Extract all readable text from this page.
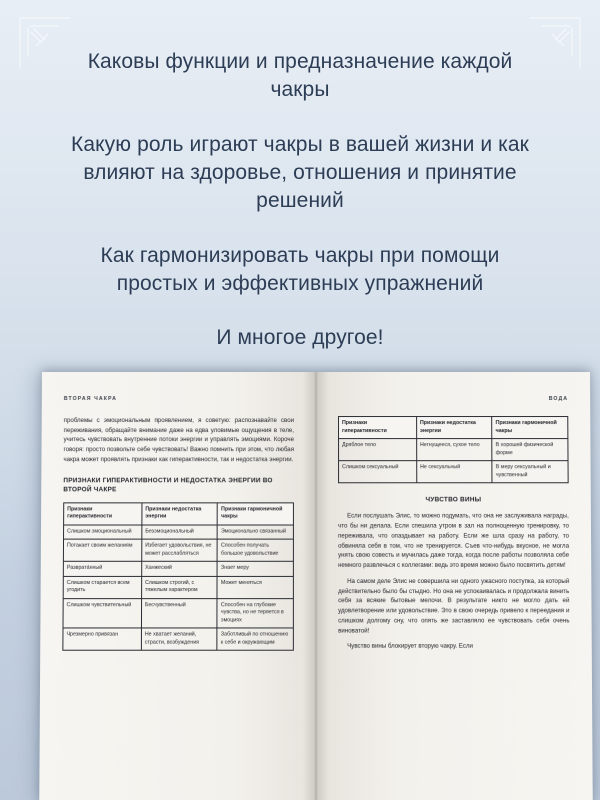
Каковы функции и предназначение каждой чакры
Какую роль играют чакры в вашей жизни и как влияют на здоровье, отношения и принятие решений
Как гармонизировать чакры при помощи простых и эффективных упражнений
И многое другое!
ВТОРАЯ ЧАКРА

проблемы с эмоциональным проявлением, я советую: распознавайте свои переживания, обращайте внимание даже на едва уловимые ощущения в теле, учитесь чувствовать внутренние потоки энергии и управлять эмоциями. Короче говоря: просто позвольте себе чувствовать! Важно помнить при этом, что любая чакра может проявлять признаки как гиперактивности, так и недостатка энергии.

ПРИЗНАКИ ГИПЕРАКТИВНОСТИ И НЕДОСТАТКА ЭНЕРГИИ ВО ВТОРОЙ ЧАКРЕ
Признаки гиперактивности	Признаки недостатка энергии	Признаки гармоничной чакры
Слишком эмоциональный	Безэмоциональный	Эмоционально связанный
Потакает своим желаниям	Избегает удовольствия, не может расслабляться	Способен получать большое удовольствие
Разврата́нный	Ханжеский	Знает меру
Слишком старается всем угодить	Слишком строгий, с тяжелым характером	Может меняться
Слишком чувствительный	Бесчувственный	Способен на глубокие чувства, но не теряется в эмоциях
Чрезмерно привязан	Не хватает желаний, страсти, возбуждения	Заботливый по отношению к себе и окружающим
ВОДА
Признаки гиперактивности	Признаки недостатка энергии	Признаки гармоничной чакры
Дряблое тело	Негнущееся, сухое тело	В хорошей физической форме
Слишком сексуальный	Не сексуальный	В меру сексуальный и чувственный
ЧУВСТВО ВИНЫ

Если послушать Элис, то можно подумать, что она не заслуживала награды, что бы ни делала. Если спешила утром в зал на полноценную тренировку, то переживала, что опаздывает на работу. Если же шла сразу на работу, то обвиняла себя в том, что не тренируется. Съев что-нибудь вкусное, не могла унять свою совесть и мучилась даже тогда, когда после работы позволяла себе немного развлечься с коллегами: ведь это время можно было посвятить детям!

На самом деле Элис не совершила ни одного ужасного поступка, за который действительно было бы стыдно. Но она не успокаивалась и продолжала винить себя за всякие бытовые мелочи. В результате никто не могло дать ей удовлетворение или удовольствие. Это в свою очередь привело к переедания и слишком долгому сну, что опять же заставляло ее чувствовать себя очень виноватой!

Чувство вины блокирует вторую чакру. Если
